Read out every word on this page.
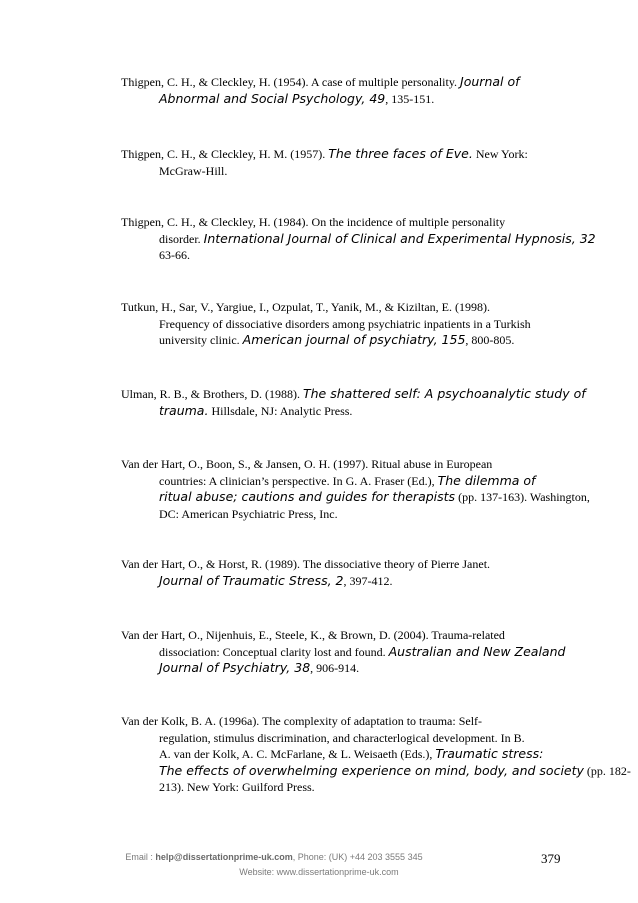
Thigpen, C. H., & Cleckley, H. (1954). A case of multiple personality. Journal of
Abnormal and Social Psychology, 49, 135-151.
Thigpen, C. H., & Cleckley, H. M. (1957). The three faces of Eve. New York:
McGraw-Hill.
Thigpen, C. H., & Cleckley, H. (1984). On the incidence of multiple personality
disorder. International Journal of Clinical and Experimental Hypnosis, 32
63-66.
Tutkun, H., Sar, V., Yargiue, I., Ozpulat, T., Yanik, M., & Kiziltan, E. (1998).
Frequency of dissociative disorders among psychiatric inpatients in a Turkish
university clinic. American journal of psychiatry, 155, 800-805.
Ulman, R. B., & Brothers, D. (1988). The shattered self: A psychoanalytic study of
trauma. Hillsdale, NJ: Analytic Press.
Van der Hart, O., Boon, S., & Jansen, O. H. (1997). Ritual abuse in European
countries: A clinician’s perspective. In G. A. Fraser (Ed.), The dilemma of
ritual abuse; cautions and guides for therapists (pp. 137-163). Washington,
DC: American Psychiatric Press, Inc.
Van der Hart, O., & Horst, R. (1989). The dissociative theory of Pierre Janet.
Journal of Traumatic Stress, 2, 397-412.
Van der Hart, O., Nijenhuis, E., Steele, K., & Brown, D. (2004). Trauma-related
dissociation: Conceptual clarity lost and found. Australian and New Zealand
Journal of Psychiatry, 38, 906-914.
Van der Kolk, B. A. (1996a). The complexity of adaptation to trauma: Self-
regulation, stimulus discrimination, and characterlogical development. In B.
A. van der Kolk, A. C. McFarlane, & L. Weisaeth (Eds.), Traumatic stress:
The effects of overwhelming experience on mind, body, and society (pp. 182-
213). New York: Guilford Press.
Email : help@dissertationprime-uk.com, Phone: (UK) +44 203 3555 345
Website: www.dissertationprime-uk.com
379
